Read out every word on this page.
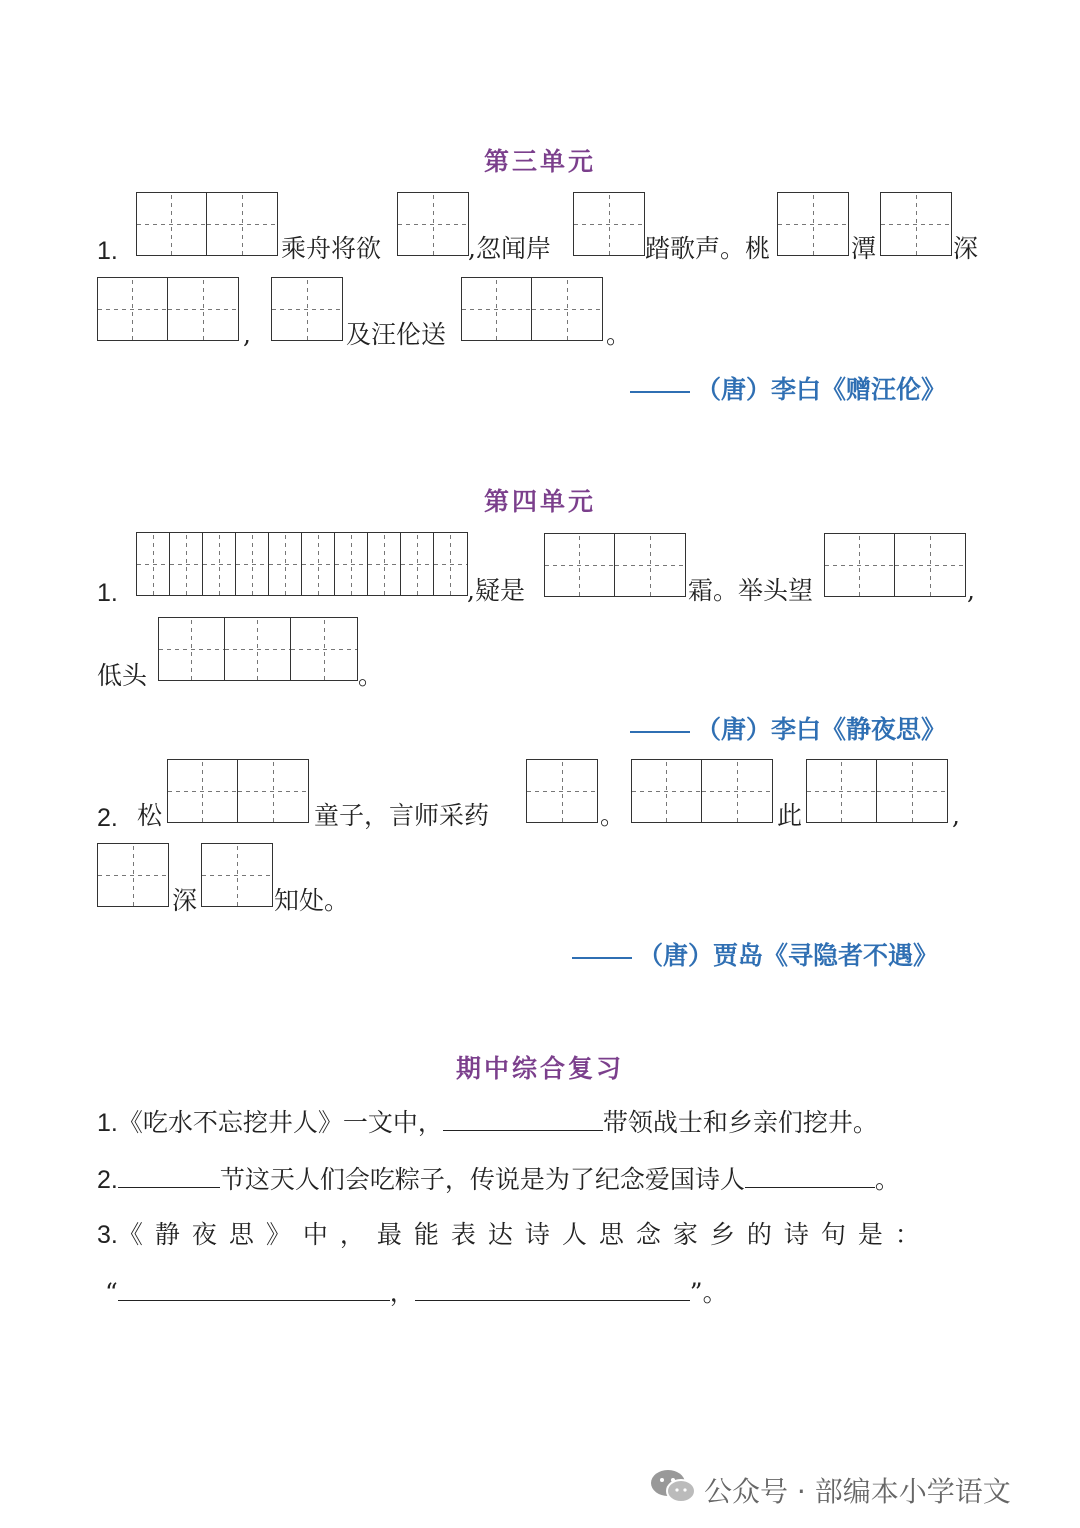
第三单元
1.	乘舟将欲	,忽闻岸	踏歌声。桃	潭	深
,	及汪伦送	。
（唐）李白《赠汪伦》
第四单元
1.	,疑是	霜。举头望	,
低头	。
（唐）李白《静夜思》
2. 松	童子，言师采药	。	此	,
深	知处。
（唐）贾岛《寻隐者不遇》
期中综合复习
1.《吃水不忘挖井人》一文中，	带领战士和乡亲们挖井。
2.	节这天人们会吃粽子，传说是为了纪念爱国诗人	。
3.《静夜思》中，最能表达诗人思念家乡的诗句是：
“	，	”。
公众号 · 部编本小学语文
